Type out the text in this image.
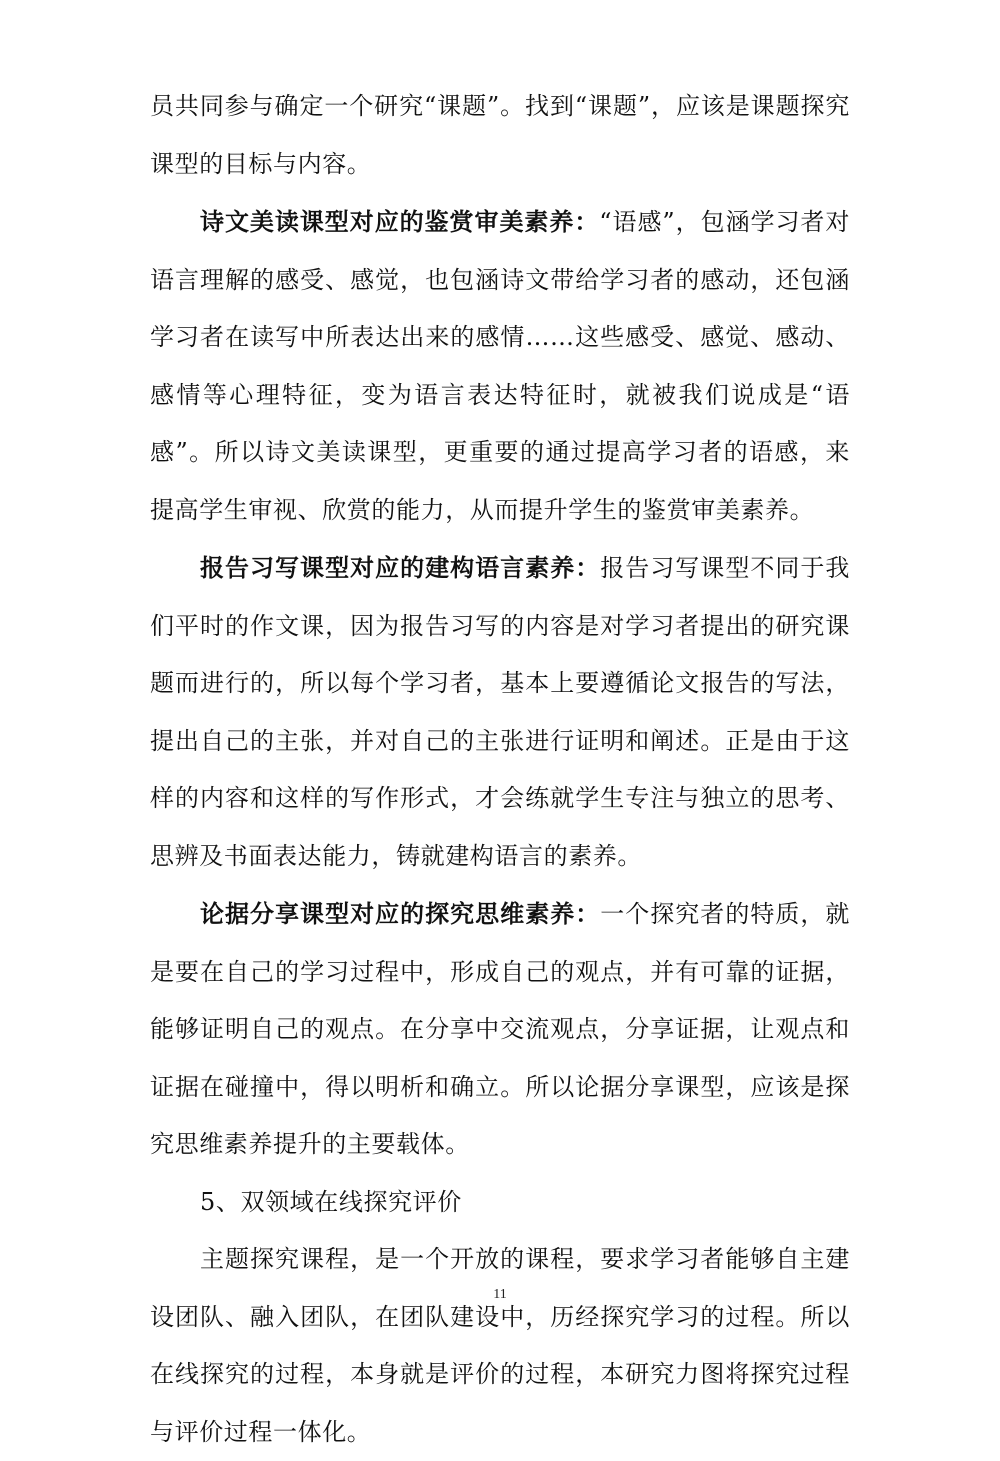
员共同参与确定一个研究“课题”。找到“课题”，应该是课题探究课型的目标与内容。

诗文美读课型对应的鉴赏审美素养：“语感”，包涵学习者对语言理解的感受、感觉，也包涵诗文带给学习者的感动，还包涵学习者在读写中所表达出来的感情……这些感受、感觉、感动、感情等心理特征，变为语言表达特征时，就被我们说成是“语感”。所以诗文美读课型，更重要的通过提高学习者的语感，来提高学生审视、欣赏的能力，从而提升学生的鉴赏审美素养。

报告习写课型对应的建构语言素养：报告习写课型不同于我们平时的作文课，因为报告习写的内容是对学习者提出的研究课题而进行的，所以每个学习者，基本上要遵循论文报告的写法，提出自己的主张，并对自己的主张进行证明和阐述。正是由于这样的内容和这样的写作形式，才会练就学生专注与独立的思考、思辨及书面表达能力，铸就建构语言的素养。

论据分享课型对应的探究思维素养：一个探究者的特质，就是要在自己的学习过程中，形成自己的观点，并有可靠的证据，能够证明自己的观点。在分享中交流观点，分享证据，让观点和证据在碰撞中，得以明析和确立。所以论据分享课型，应该是探究思维素养提升的主要载体。

5、双领域在线探究评价

主题探究课程，是一个开放的课程，要求学习者能够自主建设团队、融入团队，在团队建设中，历经探究学习的过程。所以在线探究的过程，本身就是评价的过程，本研究力图将探究过程与评价过程一体化。

11
